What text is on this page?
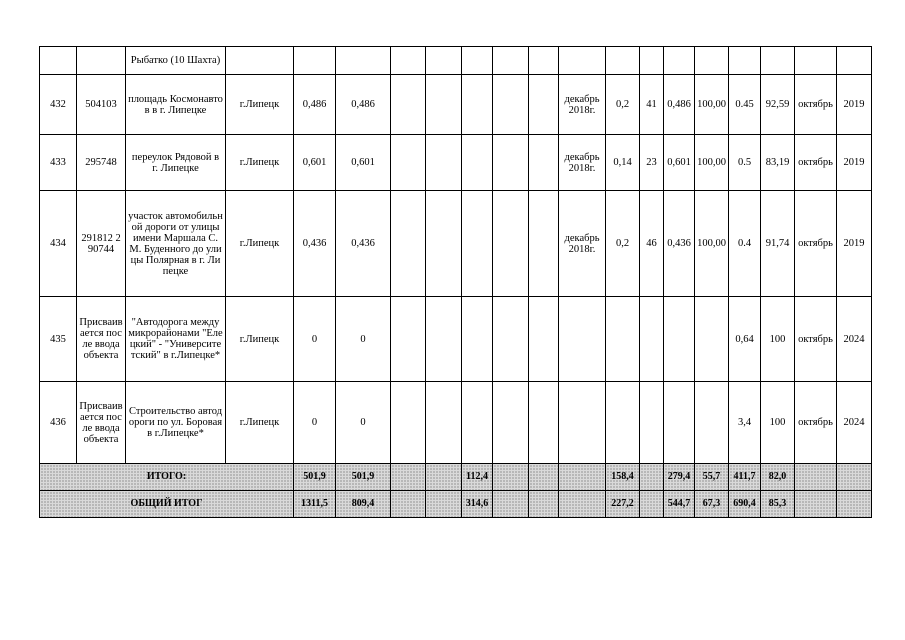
		Рыбатко (10 Шахта)																	
432	504103	площадь Космонавтов в г. Липецке	г.Липецк	0,486	0,486						декабрь 2018г.	0,2	41	0,486	100,00	0.45	92,59	октябрь	2019
433	295748	переулок Рядовой в г. Липецке	г.Липецк	0,601	0,601						декабрь 2018г.	0,14	23	0,601	100,00	0.5	83,19	октябрь	2019
434	291812 290744	участок автомобильной дороги от улицы имени Маршала С.М. Буденного до улицы Полярная в г. Липецке	г.Липецк	0,436	0,436						декабрь 2018г.	0,2	46	0,436	100,00	0.4	91,74	октябрь	2019
435	Присваивается после ввода объекта	"Автодорога между микрорайонами "Елецкий" - "Университетский" в г.Липецке*	г.Липецк	0	0											0,64	100	октябрь	2024
436	Присваивается после ввода объекта	Строительство автодороги по ул. Боровая в г.Липецке*	г.Липецк	0	0											3,4	100	октябрь	2024
ИТОГО:				501,9	501,9			112,4				158,4		279,4	55,7	411,7	82,0		
ОБЩИЙ ИТОГ				1311,5	809,4			314,6				227,2		544,7	67,3	690,4	85,3		
